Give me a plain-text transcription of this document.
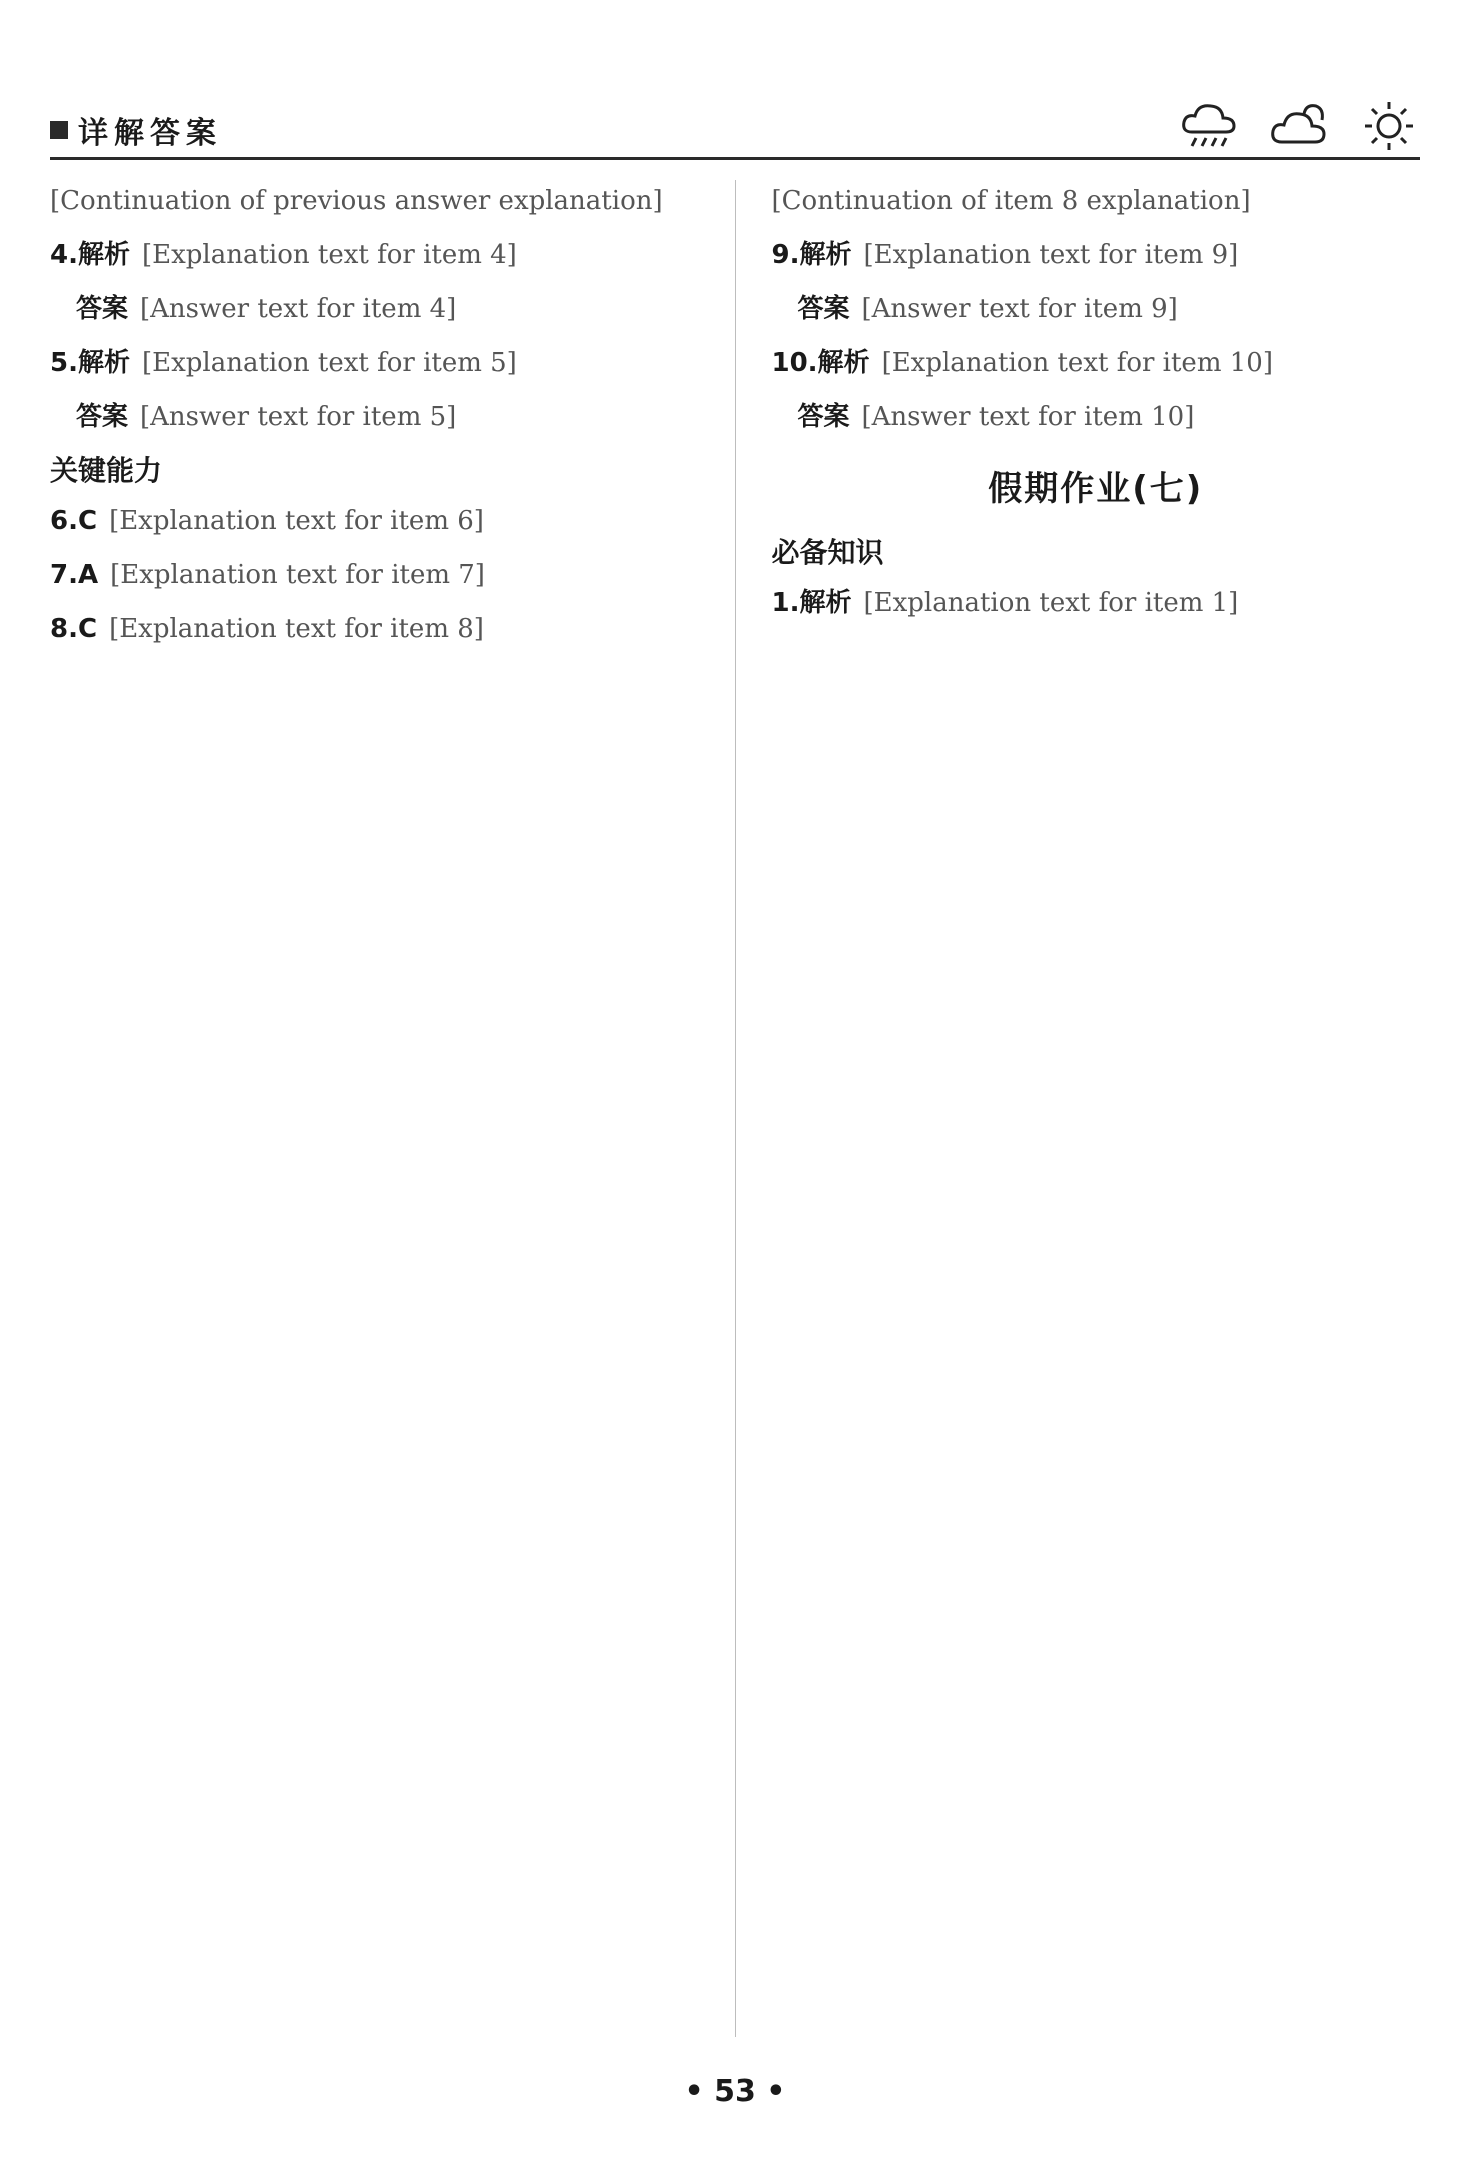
详解答案
[Continuation of previous answer explanation]
4.解析 [Explanation text for item 4]
答案 [Answer text for item 4]
5.解析 [Explanation text for item 5]
答案 [Answer text for item 5]
关键能力
6.C [Explanation text for item 6]
7.A [Explanation text for item 7]
8.C [Explanation text for item 8]
[Continuation of item 8 explanation]
9.解析 [Explanation text for item 9]
答案 [Answer text for item 9]
10.解析 [Explanation text for item 10]
答案 [Answer text for item 10]
假期作业(七)
必备知识
1.解析 [Explanation text for item 1]
• 53 •
